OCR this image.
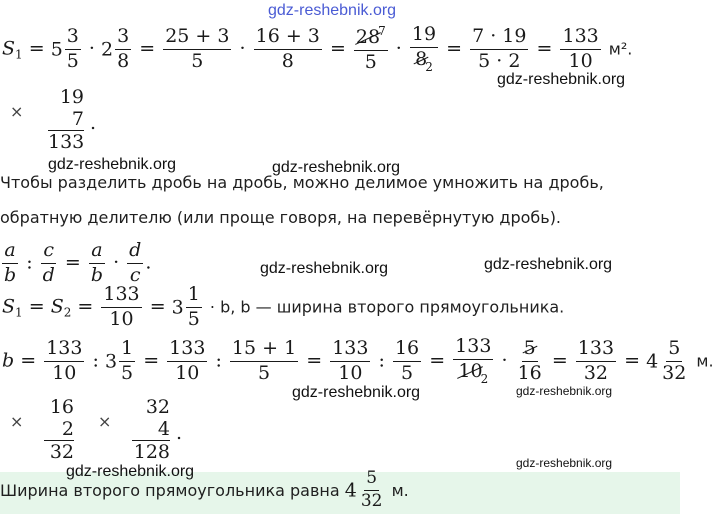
gdz-reshebnik.org
gdz-reshebnik.org
gdz-reshebnik.org	gdz-reshebnik.org
gdz-reshebnik.org	gdz-reshebnik.org
gdz-reshebnik.org	gdz-reshebnik.org
gdz-reshebnik.org
gdz-reshebnik.org
$S_1 = 5 \frac{3}{5} \cdot 2 \frac{3}{8} = \frac{25 + 3}{5} \cdot \frac{16 + 3}{8} = \frac{28^7}{5} \cdot \frac{19}{8_2} = \frac{7 \cdot 19}{5 \cdot 2} = \frac{133}{10} м^2$.
×
19
7
133
.
Чтобы разделить дробь на дробь, можно делимое умножить на дробь,
обратную делителю (или проще говоря, на перевёрнутую дробь).
$\frac{a}{b}$ : $\frac{c}{d} = \frac{a}{b} \cdot \frac{d}{c}$ .
$S_1 = S_2 = \frac{133}{10} = 3 \frac{1}{5} \cdot b$, b — ширина второго прямоугольника.
$b = \frac{133}{10}$ : $3 \frac{1}{5} = \frac{133}{10}$ : $\frac{15 + 1}{5} = \frac{133}{10}$ : $\frac{16}{5} = \frac{133}{10_2} \cdot \frac{5}{16} = \frac{133}{32} = 4 \frac{5}{32} м$.
×
16
2
32
×
32
4
128
.
Ширина второго прямоугольника равна $4 \frac{5}{32} м$.
